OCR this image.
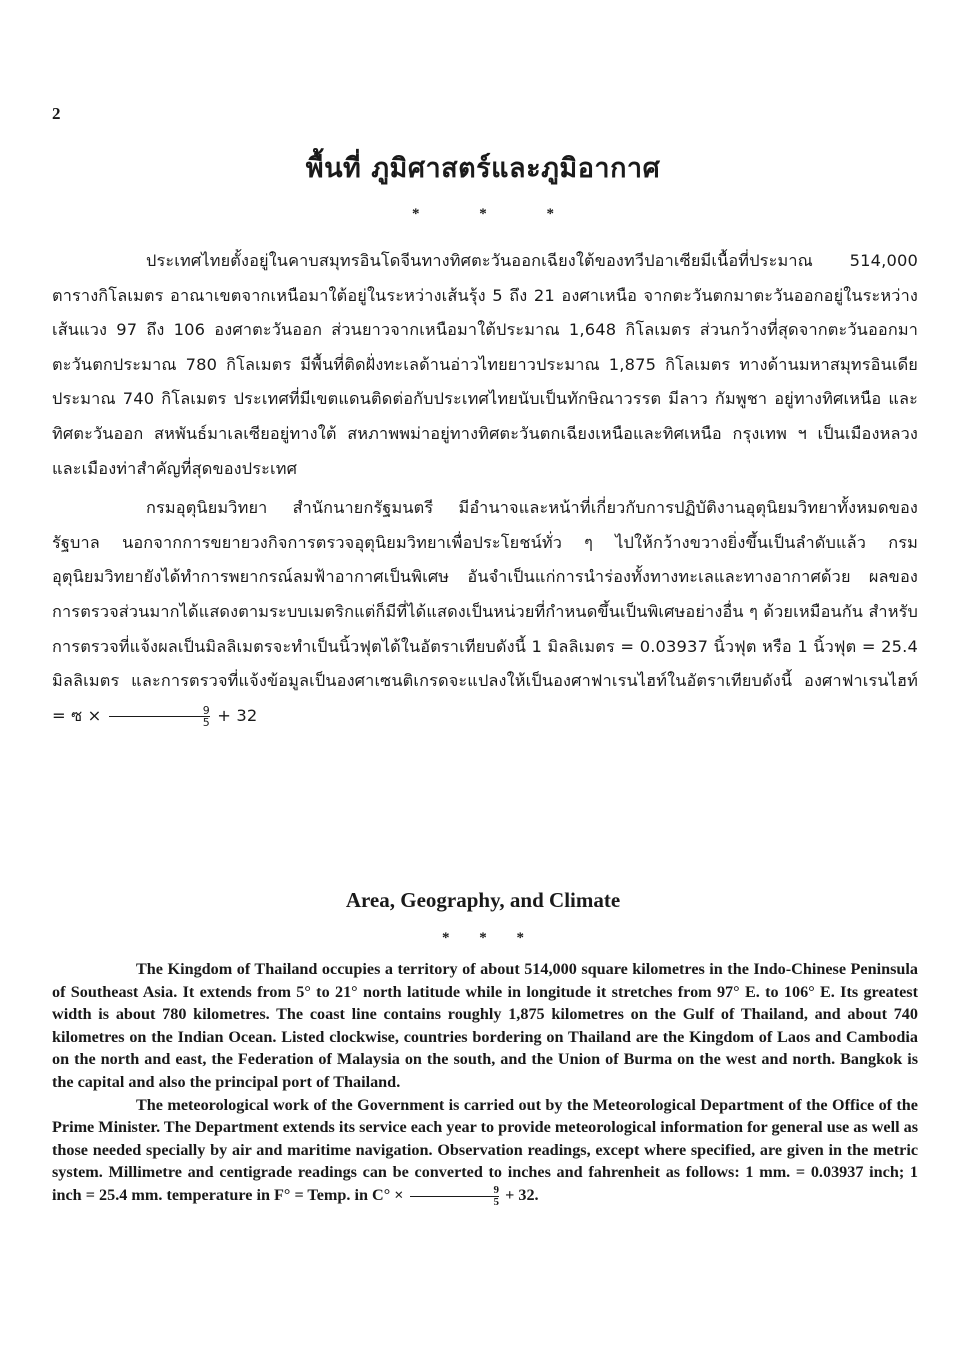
2
พื้นที่ ภูมิศาสตร์และภูมิอากาศ
* * *

ประเทศไทยตั้งอยู่ในคาบสมุทรอินโดจีนทางทิศตะวันออกเฉียงใต้ของทวีปอาเซียมีเนื้อที่ประมาณ 514,000 ตารางกิโลเมตร อาณาเขตจากเหนือมาใต้อยู่ในระหว่างเส้นรุ้ง 5 ถึง 21 องศาเหนือ จากตะวันตกมาตะวันออกอยู่ในระหว่างเส้นแวง 97 ถึง 106 องศาตะวันออก ส่วนยาวจากเหนือมาใต้ประมาณ 1,648 กิโลเมตร ส่วนกว้างที่สุดจากตะวันออกมาตะวันตกประมาณ 780 กิโลเมตร มีพื้นที่ติดฝั่งทะเลด้านอ่าวไทยยาวประมาณ 1,875 กิโลเมตร ทางด้านมหาสมุทรอินเดียประมาณ 740 กิโลเมตร ประเทศที่มีเขตแดนติดต่อกับประเทศไทยนับเป็นทักษิณาวรรต มีลาว กัมพูชา อยู่ทางทิศเหนือ และทิศตะวันออก สหพันธ์มาเลเซียอยู่ทางใต้ สหภาพพม่าอยู่ทางทิศตะวันตกเฉียงเหนือและทิศเหนือ กรุงเทพ ฯ เป็นเมืองหลวงและเมืองท่าสำคัญที่สุดของประเทศ

กรมอุตุนิยมวิทยา สำนักนายกรัฐมนตรี มีอำนาจและหน้าที่เกี่ยวกับการปฏิบัติงานอุตุนิยมวิทยาทั้งหมดของรัฐบาล นอกจากการขยายวงกิจการตรวจอุตุนิยมวิทยาเพื่อประโยชน์ทั่ว ๆ ไปให้กว้างขวางยิ่งขึ้นเป็นลำดับแล้ว กรมอุตุนิยมวิทยายังได้ทำการพยากรณ์ลมฟ้าอากาศเป็นพิเศษ อันจำเป็นแก่การนำร่องทั้งทางทะเลและทางอากาศด้วย ผลของการตรวจส่วนมากได้แสดงตามระบบเมตริกแต่ก็มีที่ได้แสดงเป็นหน่วยที่กำหนดขึ้นเป็นพิเศษอย่างอื่น ๆ ด้วยเหมือนกัน สำหรับการตรวจที่แจ้งผลเป็นมิลลิเมตรจะทำเป็นนิ้วฟุตได้ในอัตราเทียบดังนี้ 1 มิลลิเมตร = 0.03937 นิ้วฟุต หรือ 1 นิ้วฟุต = 25.4 มิลลิเมตร และการตรวจที่แจ้งข้อมูลเป็นองศาเซนติเกรดจะแปลงให้เป็นองศาฟาเรนไฮท์ในอัตราเทียบดังนี้ องศาฟาเรนไฮท์ = ซ × $\frac{9}{5} + 32$

Area, Geography, and Climate
* * *

The Kingdom of Thailand occupies a territory of about 514,000 square kilometres in the Indo-Chinese Peninsula of Southeast Asia. It extends from 5° to 21° north latitude while in longitude it stretches from 97° E. to 106° E. Its greatest width is about 780 kilometres. The coast line contains roughly 1,875 kilometres on the Gulf of Thailand, and about 740 kilometres on the Indian Ocean. Listed clockwise, countries bordering on Thailand are the Kingdom of Laos and Cambodia on the north and east, the Federation of Malaysia on the south, and the Union of Burma on the west and north. Bangkok is the capital and also the principal port of Thailand.

The meteorological work of the Government is carried out by the Meteorological Department of the Office of the Prime Minister. The Department extends its service each year to provide meteorological information for general use as well as those needed specially by air and maritime navigation. Observation readings, except where specified, are given in the metric system. Millimetre and centigrade readings can be converted to inches and fahrenheit as follows: 1 mm. = 0.03937 inch; 1 inch = 25.4 mm. temperature in F° = Temp. in $C^\circ \times \frac{9}{5} + 32$.
